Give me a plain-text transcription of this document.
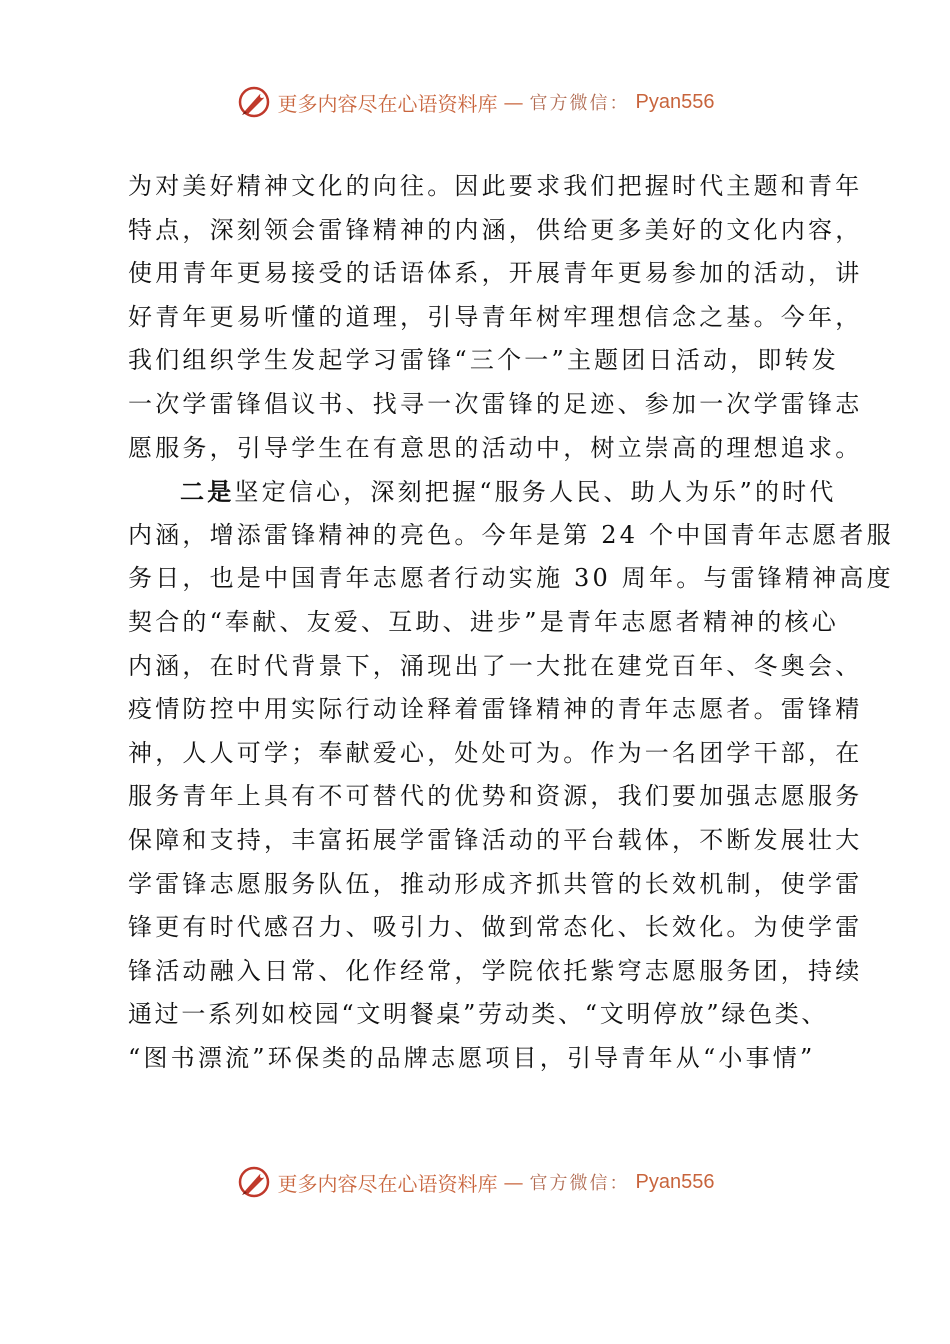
更多内容尽在心语资料库 — 官方微信： Pyan556
为对美好精神文化的向往。因此要求我们把握时代主题和青年
特点，深刻领会雷锋精神的内涵，供给更多美好的文化内容，
使用青年更易接受的话语体系，开展青年更易参加的活动，讲
好青年更易听懂的道理，引导青年树牢理想信念之基。今年，
我们组织学生发起学习雷锋“三个一”主题团日活动，即转发
一次学雷锋倡议书、找寻一次雷锋的足迹、参加一次学雷锋志
愿服务，引导学生在有意思的活动中，树立崇高的理想追求。
二是坚定信心，深刻把握“服务人民、助人为乐”的时代
内涵，增添雷锋精神的亮色。今年是第 24 个中国青年志愿者服
务日，也是中国青年志愿者行动实施 30 周年。与雷锋精神高度
契合的“奉献、友爱、互助、进步”是青年志愿者精神的核心
内涵，在时代背景下，涌现出了一大批在建党百年、冬奥会、
疫情防控中用实际行动诠释着雷锋精神的青年志愿者。雷锋精
神，人人可学；奉献爱心，处处可为。作为一名团学干部，在
服务青年上具有不可替代的优势和资源，我们要加强志愿服务
保障和支持，丰富拓展学雷锋活动的平台载体，不断发展壮大
学雷锋志愿服务队伍，推动形成齐抓共管的长效机制，使学雷
锋更有时代感召力、吸引力、做到常态化、长效化。为使学雷
锋活动融入日常、化作经常，学院依托紫穹志愿服务团，持续
通过一系列如校园“文明餐桌”劳动类、“文明停放”绿色类、
“图书漂流”环保类的品牌志愿项目，引导青年从“小事情”
更多内容尽在心语资料库 — 官方微信： Pyan556
